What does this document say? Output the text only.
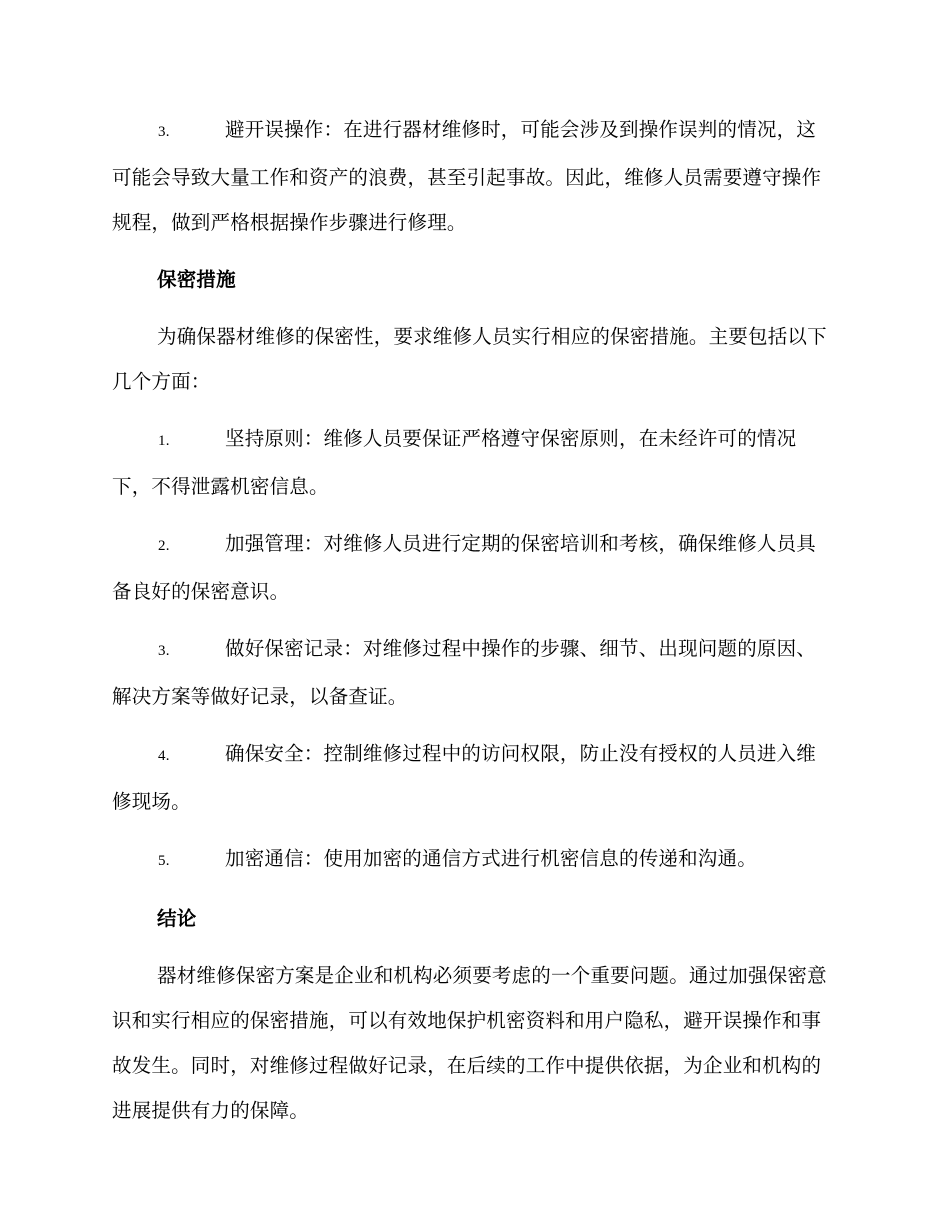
3.	避开误操作：在进行器材维修时，可能会涉及到操作误判的情况，这可能会导致大量工作和资产的浪费，甚至引起事故。因此，维修人员需要遵守操作规程，做到严格根据操作步骤进行修理。

保密措施

为确保器材维修的保密性，要求维修人员实行相应的保密措施。主要包括以下几个方面：

1.	坚持原则：维修人员要保证严格遵守保密原则，在未经许可的情况下，不得泄露机密信息。

2.	加强管理：对维修人员进行定期的保密培训和考核，确保维修人员具备良好的保密意识。

3.	做好保密记录：对维修过程中操作的步骤、细节、出现问题的原因、解决方案等做好记录，以备查证。

4.	确保安全：控制维修过程中的访问权限，防止没有授权的人员进入维修现场。

5.	加密通信：使用加密的通信方式进行机密信息的传递和沟通。

结论

器材维修保密方案是企业和机构必须要考虑的一个重要问题。通过加强保密意识和实行相应的保密措施，可以有效地保护机密资料和用户隐私，避开误操作和事故发生。同时，对维修过程做好记录，在后续的工作中提供依据，为企业和机构的进展提供有力的保障。
